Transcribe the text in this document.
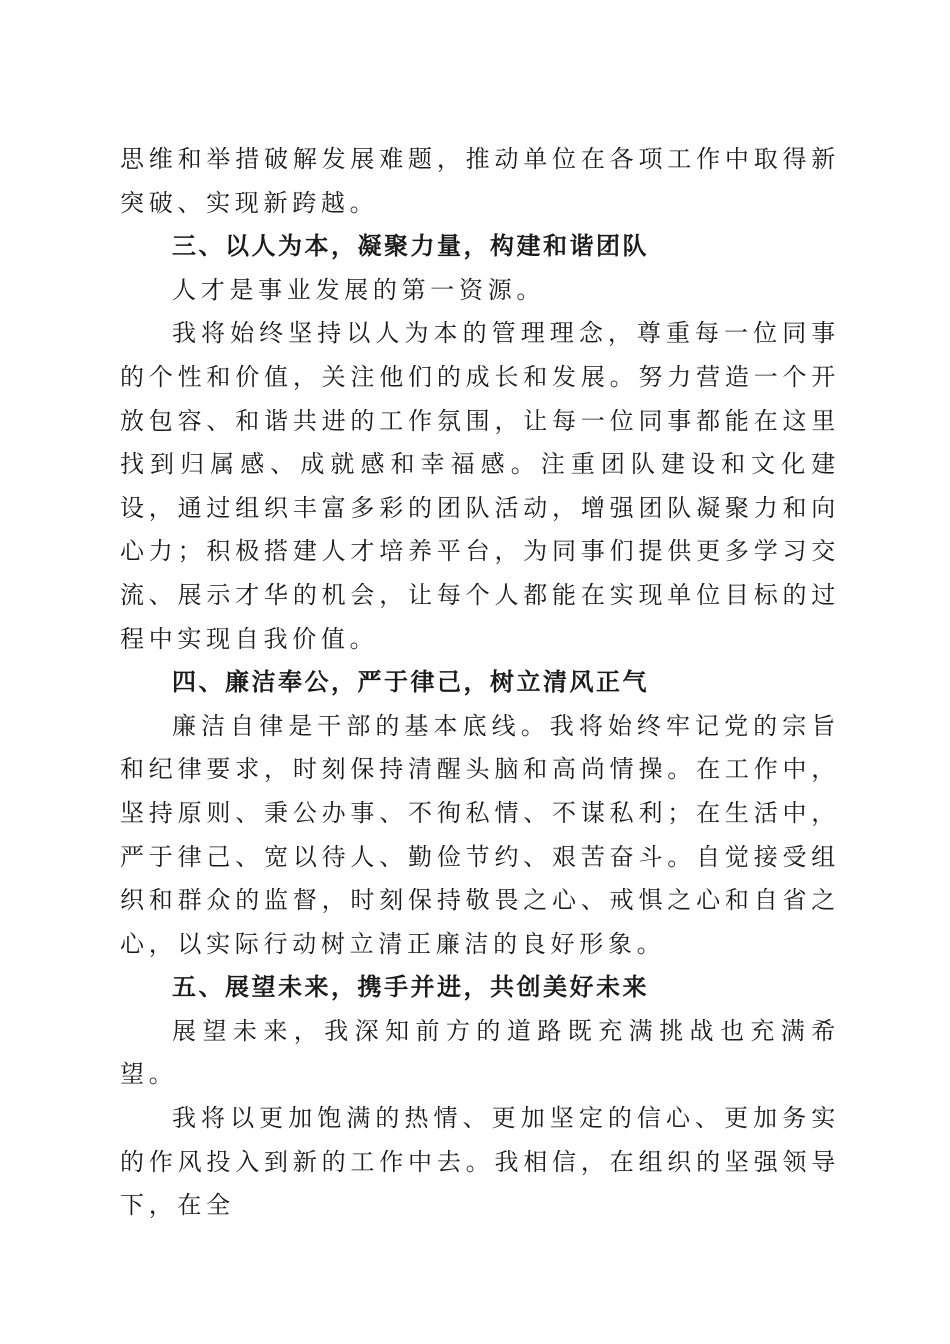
思维和举措破解发展难题，推动单位在各项工作中取得新突破、实现新跨越。

三、以人为本，凝聚力量，构建和谐团队

人才是事业发展的第一资源。

我将始终坚持以人为本的管理理念，尊重每一位同事的个性和价值，关注他们的成长和发展。努力营造一个开放包容、和谐共进的工作氛围，让每一位同事都能在这里找到归属感、成就感和幸福感。注重团队建设和文化建设，通过组织丰富多彩的团队活动，增强团队凝聚力和向心力；积极搭建人才培养平台，为同事们提供更多学习交流、展示才华的机会，让每个人都能在实现单位目标的过程中实现自我价值。

四、廉洁奉公，严于律己，树立清风正气

廉洁自律是干部的基本底线。我将始终牢记党的宗旨和纪律要求，时刻保持清醒头脑和高尚情操。在工作中，坚持原则、秉公办事、不徇私情、不谋私利；在生活中，严于律己、宽以待人、勤俭节约、艰苦奋斗。自觉接受组织和群众的监督，时刻保持敬畏之心、戒惧之心和自省之心，以实际行动树立清正廉洁的良好形象。

五、展望未来，携手并进，共创美好未来

展望未来，我深知前方的道路既充满挑战也充满希望。

我将以更加饱满的热情、更加坚定的信心、更加务实的作风投入到新的工作中去。我相信，在组织的坚强领导下，在全
